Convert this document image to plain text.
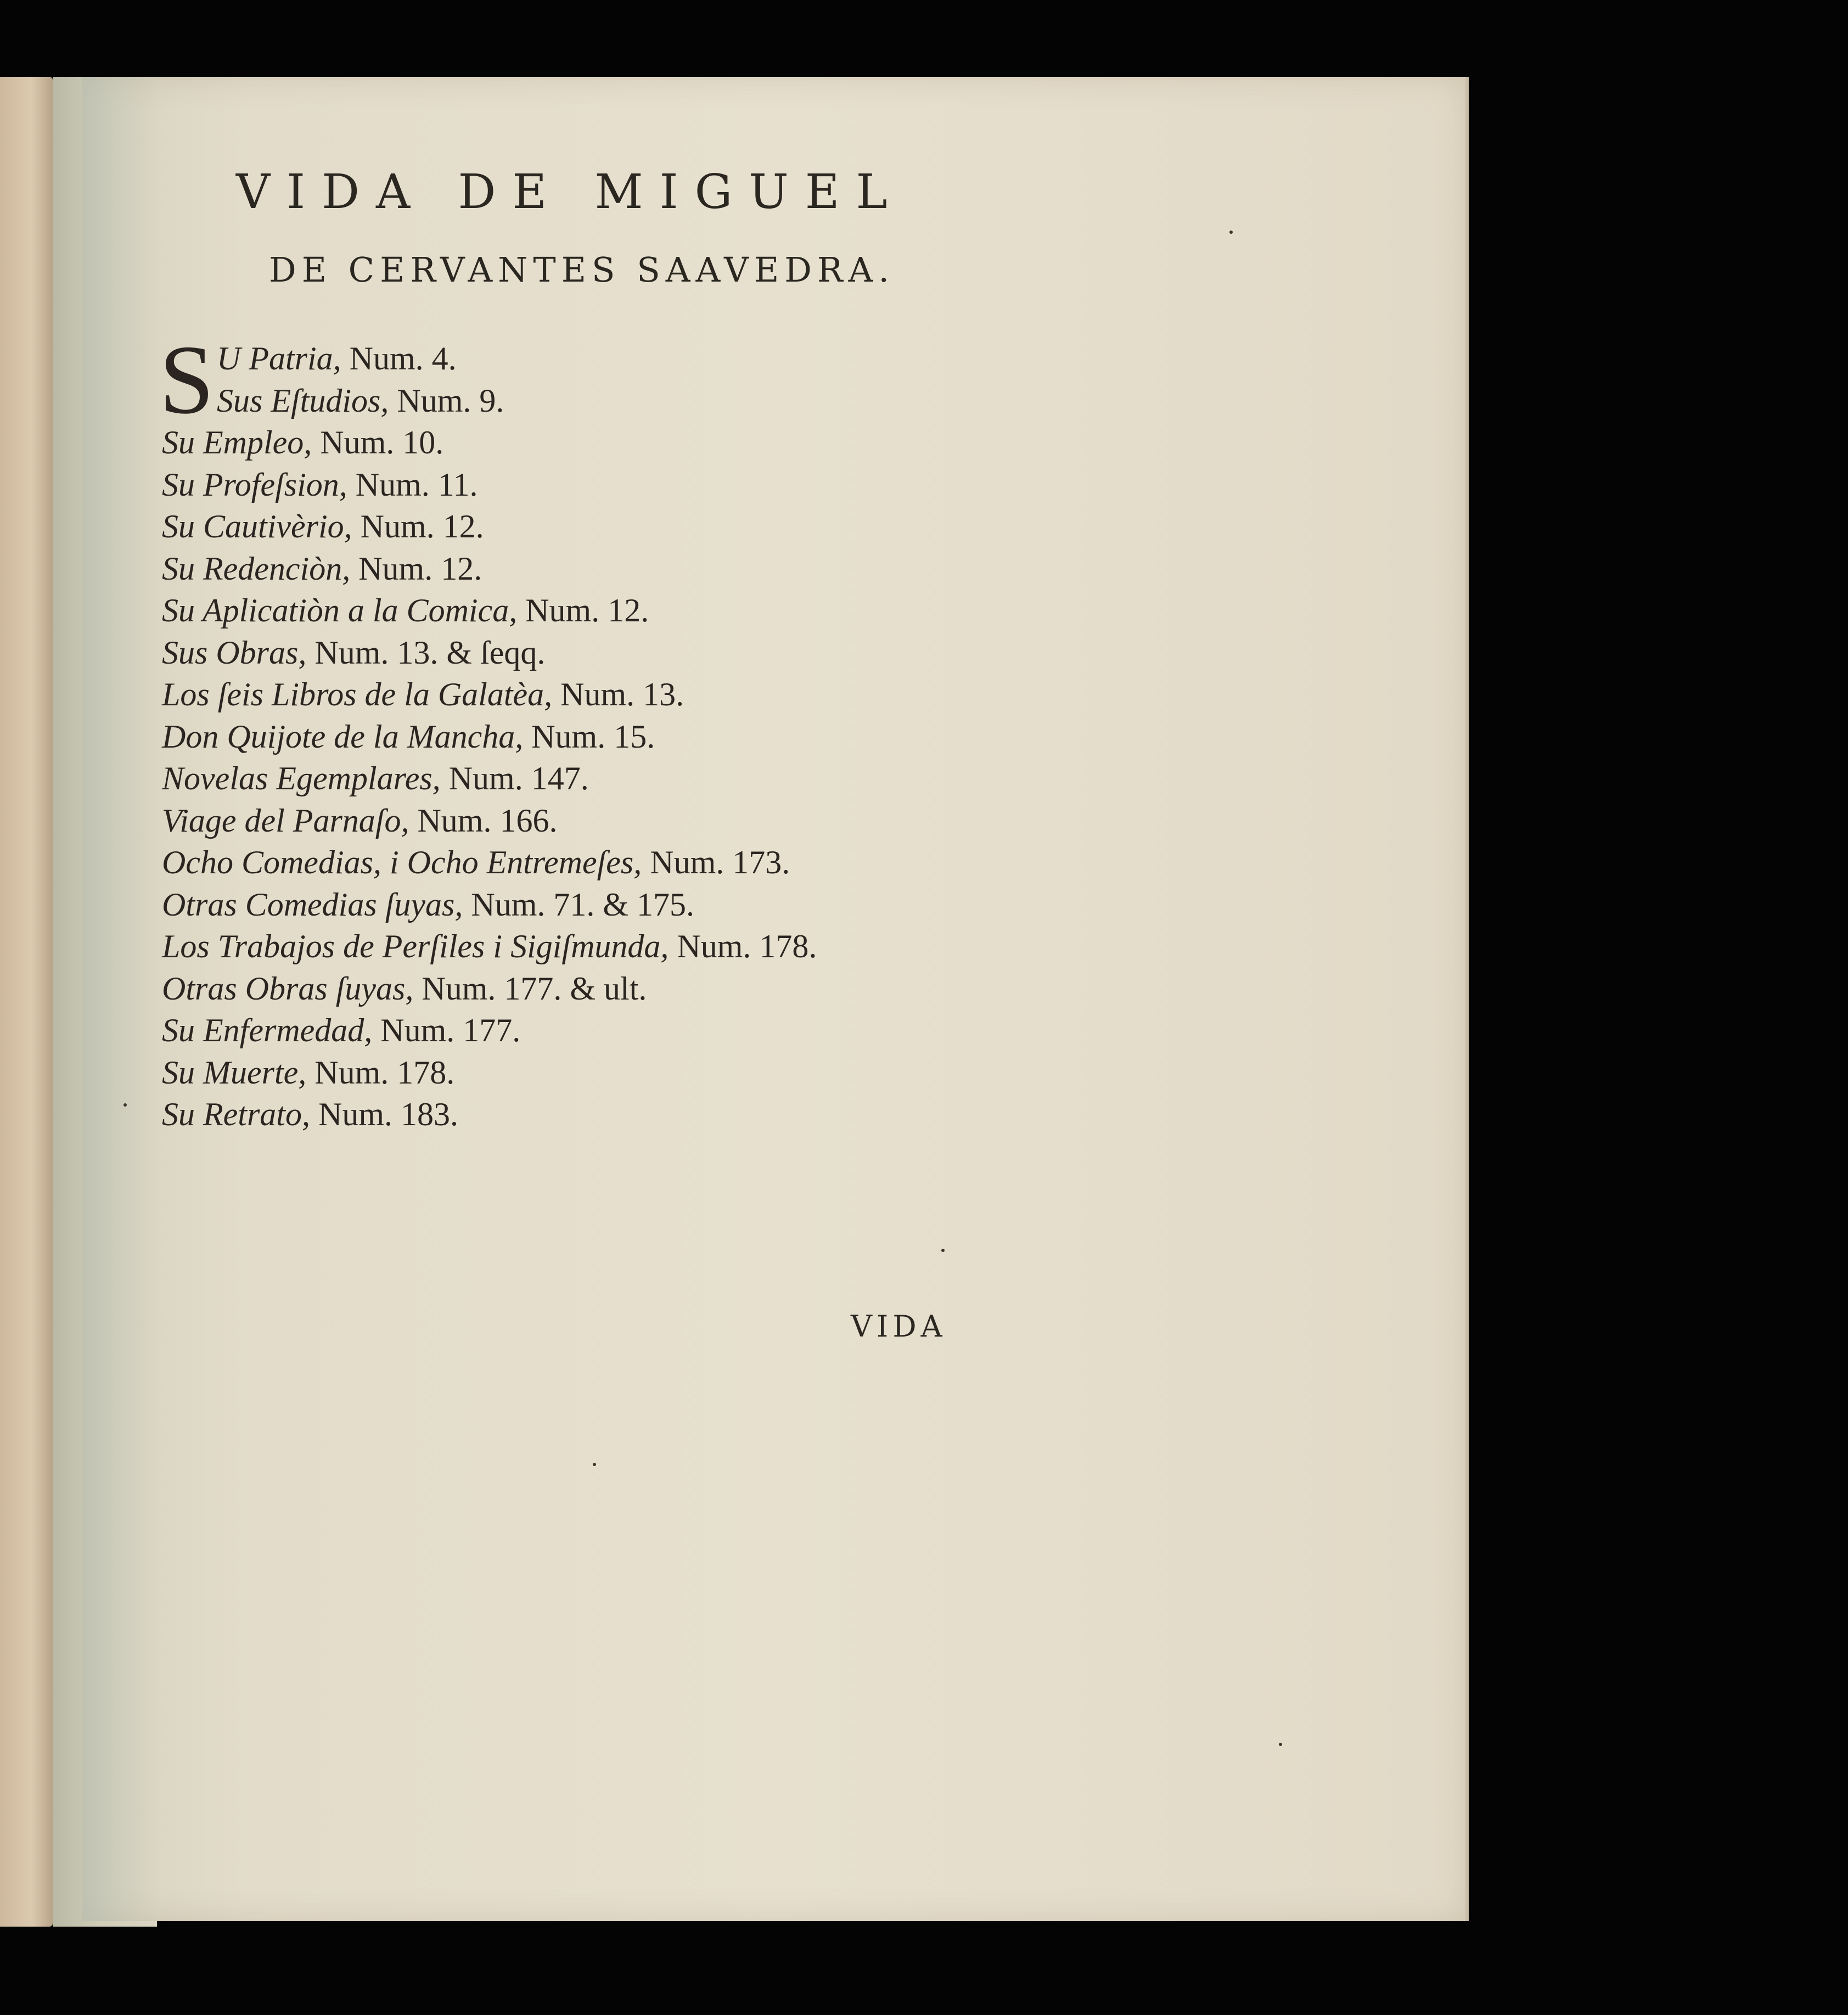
VIDA DE MIGUEL
DE CERVANTES SAAVEDRA.
S U Patria, Num. 4.
Sus Eſtudios, Num. 9.
Su Empleo, Num. 10.
Su Profeſsion, Num. 11.
Su Cautivèrio, Num. 12.
Su Redenciòn, Num. 12.
Su Aplicatiòn a la Comica, Num. 12.
Sus Obras, Num. 13. & ſeqq.
Los ſeis Libros de la Galatèa, Num. 13.
Don Quijote de la Mancha, Num. 15.
Novelas Egemplares, Num. 147.
Viage del Parnaſo, Num. 166.
Ocho Comedias, i Ocho Entremeſes, Num. 173.
Otras Comedias ſuyas, Num. 71. & 175.
Los Trabajos de Perſiles i Sigiſmunda, Num. 178.
Otras Obras ſuyas, Num. 177. & ult.
Su Enfermedad, Num. 177.
Su Muerte, Num. 178.
Su Retrato, Num. 183.
VIDA
